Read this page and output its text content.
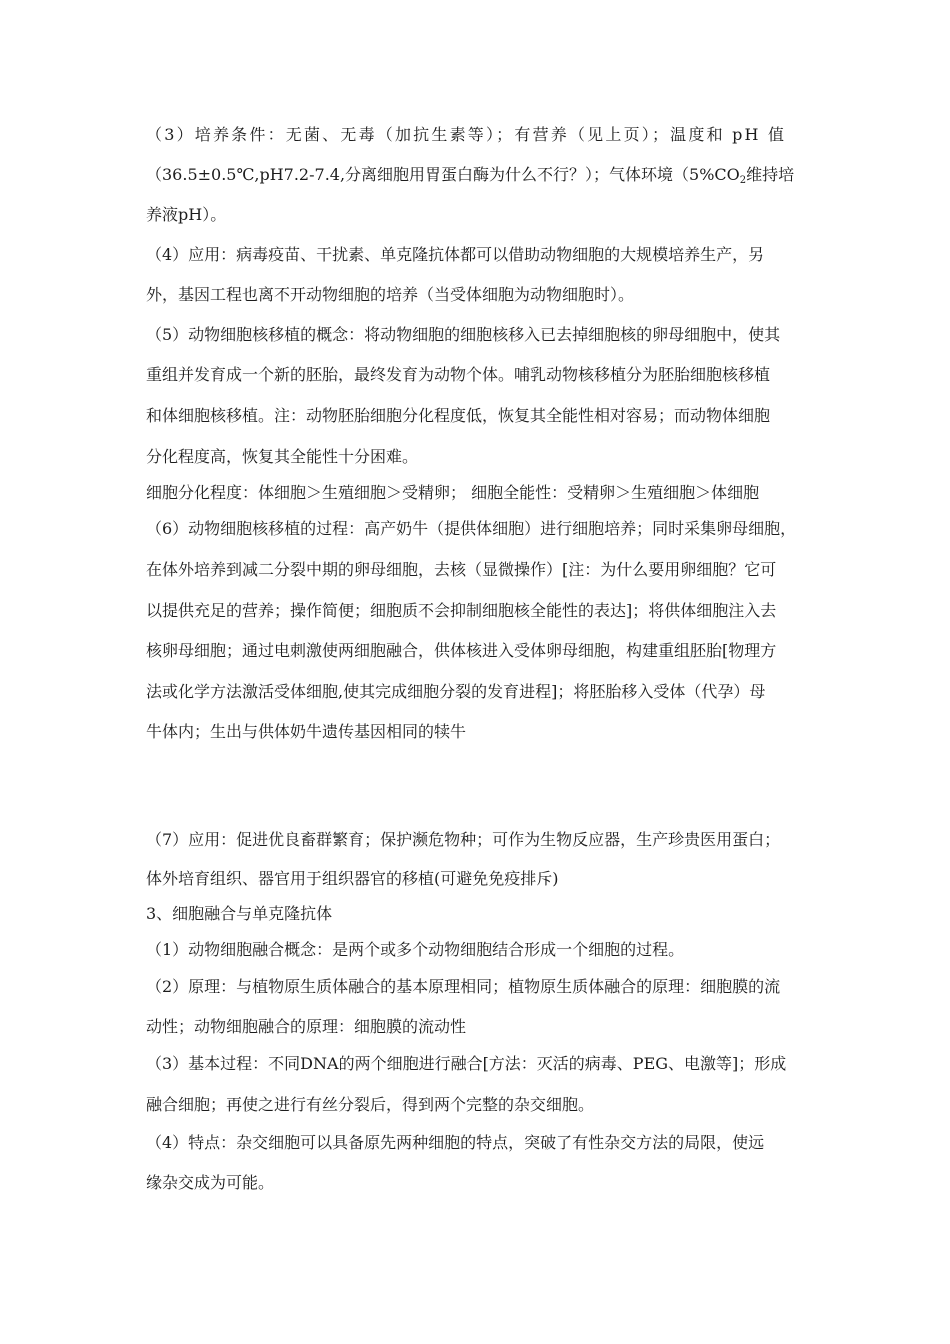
（3）培养条件：无菌、无毒（加抗生素等）；有营养（见上页）；温度和 pH 值
（36.5±0.5℃,pH7.2-7.4,分离细胞用胃蛋白酶为什么不行？）；气体环境（$5\%CO_2$维持培
养液pH）。
（4）应用：病毒疫苗、干扰素、单克隆抗体都可以借助动物细胞的大规模培养生产，另
外，基因工程也离不开动物细胞的培养（当受体细胞为动物细胞时）。
（5）动物细胞核移植的概念：将动物细胞的细胞核移入已去掉细胞核的卵母细胞中，使其
重组并发育成一个新的胚胎，最终发育为动物个体。哺乳动物核移植分为胚胎细胞核移植
和体细胞核移植。注：动物胚胎细胞分化程度低，恢复其全能性相对容易；而动物体细胞
分化程度高，恢复其全能性十分困难。
细胞分化程度：体细胞＞生殖细胞＞受精卵； 细胞全能性：受精卵＞生殖细胞＞体细胞
（6）动物细胞核移植的过程：高产奶牛（提供体细胞）进行细胞培养；同时采集卵母细胞，
在体外培养到减二分裂中期的卵母细胞，去核（显微操作）[注：为什么要用卵细胞？它可
以提供充足的营养；操作简便；细胞质不会抑制细胞核全能性的表达]；将供体细胞注入去
核卵母细胞；通过电刺激使两细胞融合，供体核进入受体卵母细胞，构建重组胚胎[物理方
法或化学方法激活受体细胞,使其完成细胞分裂的发育进程]；将胚胎移入受体（代孕）母
牛体内；生出与供体奶牛遗传基因相同的犊牛
（7）应用：促进优良畜群繁育；保护濒危物种；可作为生物反应器，生产珍贵医用蛋白；
体外培育组织、器官用于组织器官的移植(可避免免疫排斥)
3、细胞融合与单克隆抗体
（1）动物细胞融合概念：是两个或多个动物细胞结合形成一个细胞的过程。
（2）原理：与植物原生质体融合的基本原理相同；植物原生质体融合的原理：细胞膜的流
动性；动物细胞融合的原理：细胞膜的流动性
（3）基本过程：不同DNA的两个细胞进行融合[方法：灭活的病毒、PEG、电激等]；形成
融合细胞；再使之进行有丝分裂后，得到两个完整的杂交细胞。
（4）特点：杂交细胞可以具备原先两种细胞的特点，突破了有性杂交方法的局限，使远
缘杂交成为可能。
